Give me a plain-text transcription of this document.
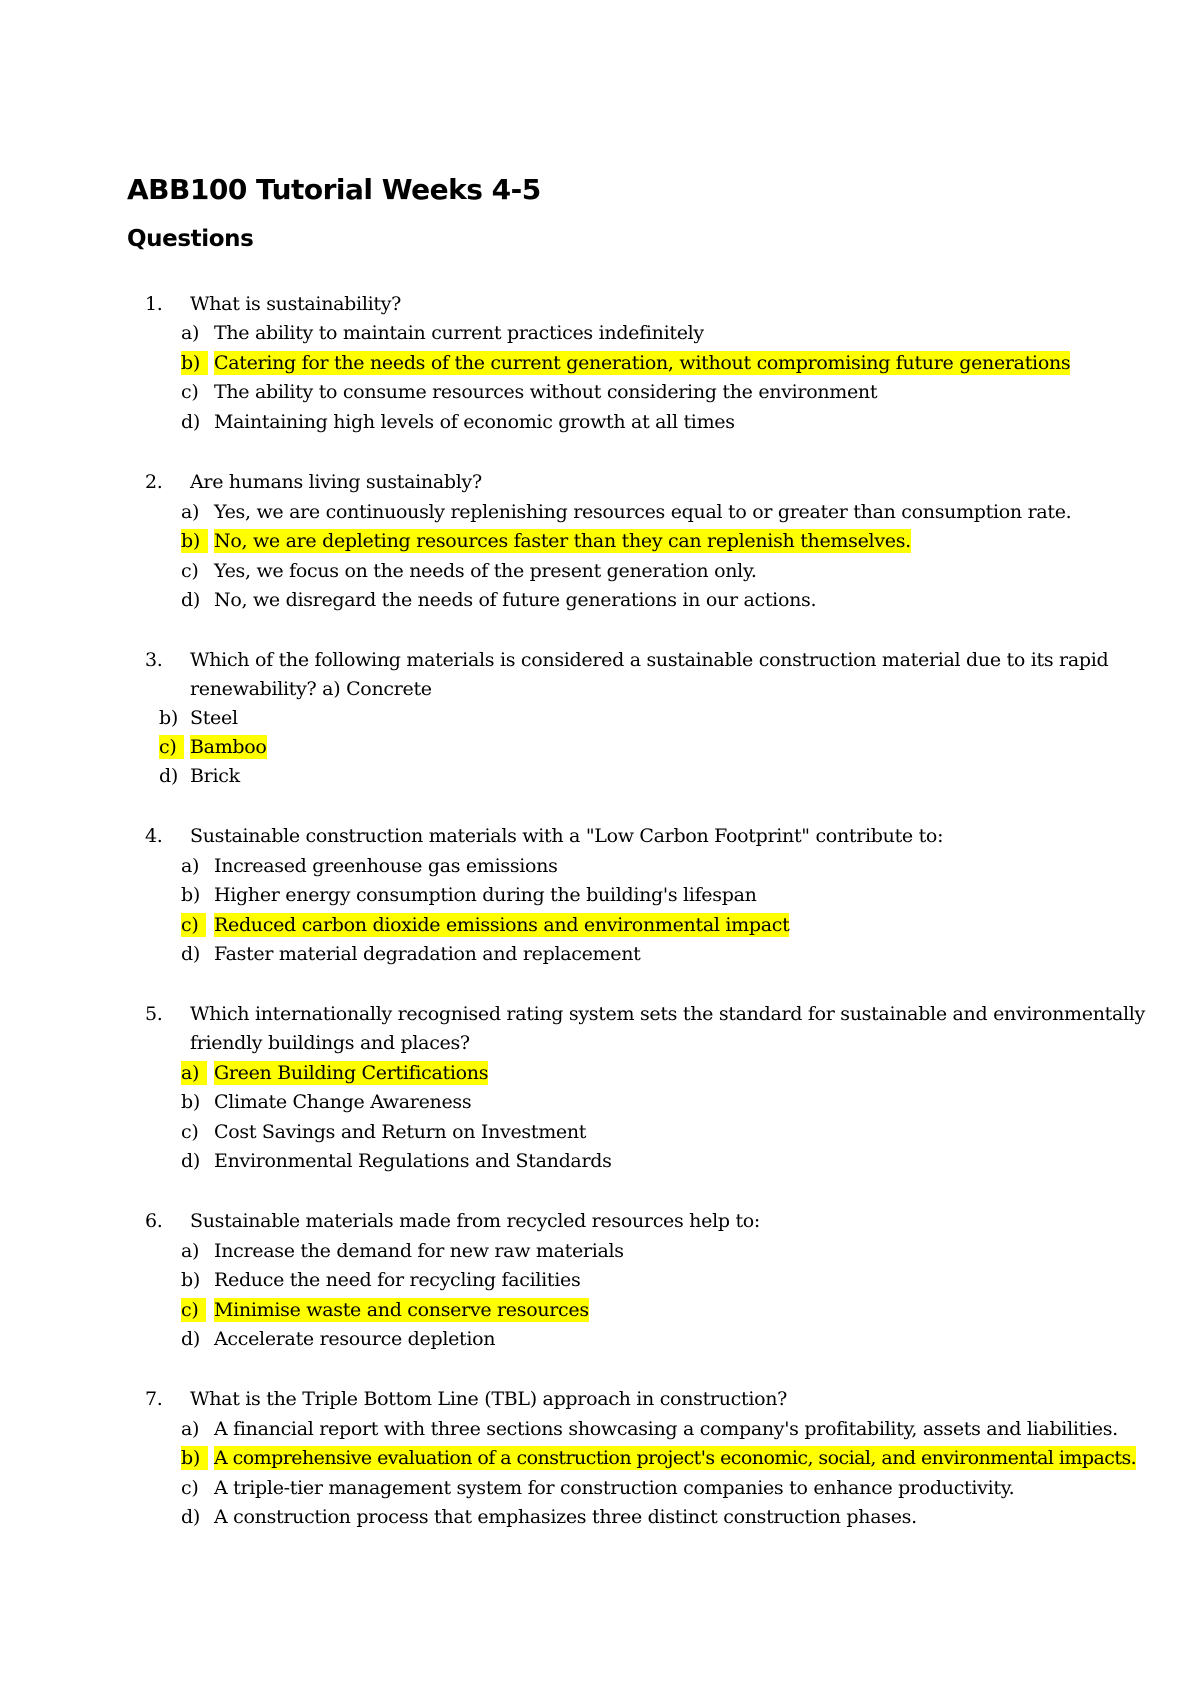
ABB100 Tutorial Weeks 4-5
Questions
1. What is sustainability?
a) The ability to maintain current practices indefinitely
b) Catering for the needs of the current generation, without compromising future generations
c) The ability to consume resources without considering the environment
d) Maintaining high levels of economic growth at all times
2. Are humans living sustainably?
a) Yes, we are continuously replenishing resources equal to or greater than consumption rate.
b) No, we are depleting resources faster than they can replenish themselves.
c) Yes, we focus on the needs of the present generation only.
d) No, we disregard the needs of future generations in our actions.
3. Which of the following materials is considered a sustainable construction material due to its rapid
renewability? a) Concrete
b) Steel
c) Bamboo
d) Brick
4. Sustainable construction materials with a "Low Carbon Footprint" contribute to:
a) Increased greenhouse gas emissions
b) Higher energy consumption during the building's lifespan
c) Reduced carbon dioxide emissions and environmental impact
d) Faster material degradation and replacement
5. Which internationally recognised rating system sets the standard for sustainable and environmentally
friendly buildings and places?
a) Green Building Certifications
b) Climate Change Awareness
c) Cost Savings and Return on Investment
d) Environmental Regulations and Standards
6. Sustainable materials made from recycled resources help to:
a) Increase the demand for new raw materials
b) Reduce the need for recycling facilities
c) Minimise waste and conserve resources
d) Accelerate resource depletion
7. What is the Triple Bottom Line (TBL) approach in construction?
a) A financial report with three sections showcasing a company's profitability, assets and liabilities.
b) A comprehensive evaluation of a construction project's economic, social, and environmental impacts.
c) A triple-tier management system for construction companies to enhance productivity.
d) A construction process that emphasizes three distinct construction phases.
